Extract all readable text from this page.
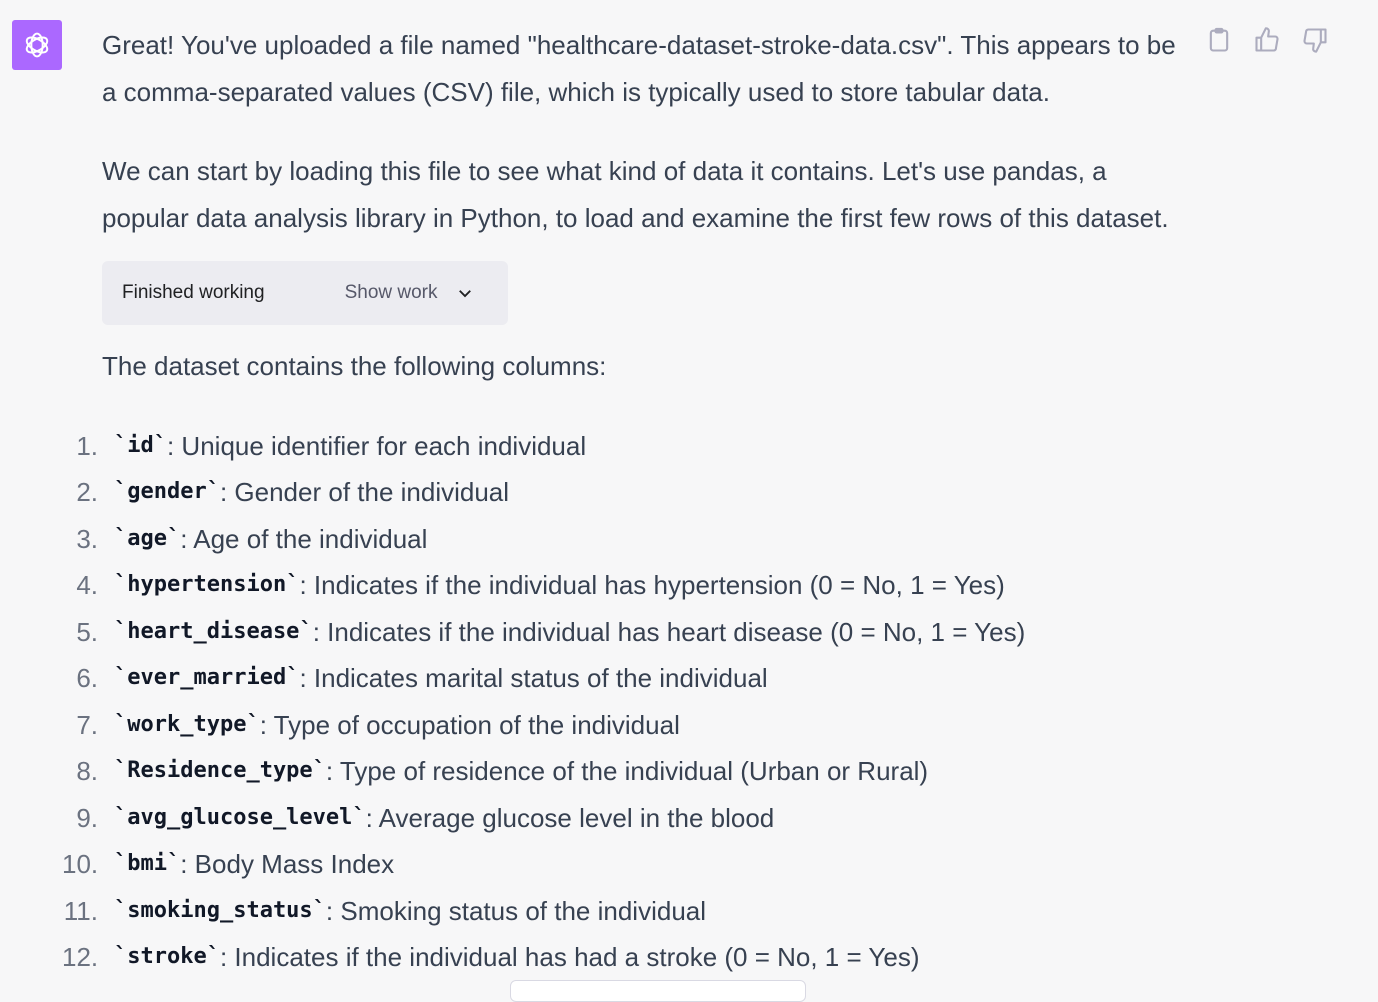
Great! You've uploaded a file named "healthcare-dataset-stroke-data.csv". This appears to be a comma-separated values (CSV) file, which is typically used to store tabular data.

We can start by loading this file to see what kind of data it contains. Let's use pandas, a popular data analysis library in Python, to load and examine the first few rows of this dataset.

Finished working	Show work

The dataset contains the following columns:

1. `id` : Unique identifier for each individual
2. `gender` : Gender of the individual
3. `age` : Age of the individual
4. `hypertension` : Indicates if the individual has hypertension (0 = No, 1 = Yes)
5. `heart_disease` : Indicates if the individual has heart disease (0 = No, 1 = Yes)
6. `ever_married` : Indicates marital status of the individual
7. `work_type` : Type of occupation of the individual
8. `Residence_type` : Type of residence of the individual (Urban or Rural)
9. `avg_glucose_level` : Average glucose level in the blood
10. `bmi` : Body Mass Index
11. `smoking_status` : Smoking status of the individual
12. `stroke` : Indicates if the individual has had a stroke (0 = No, 1 = Yes)
